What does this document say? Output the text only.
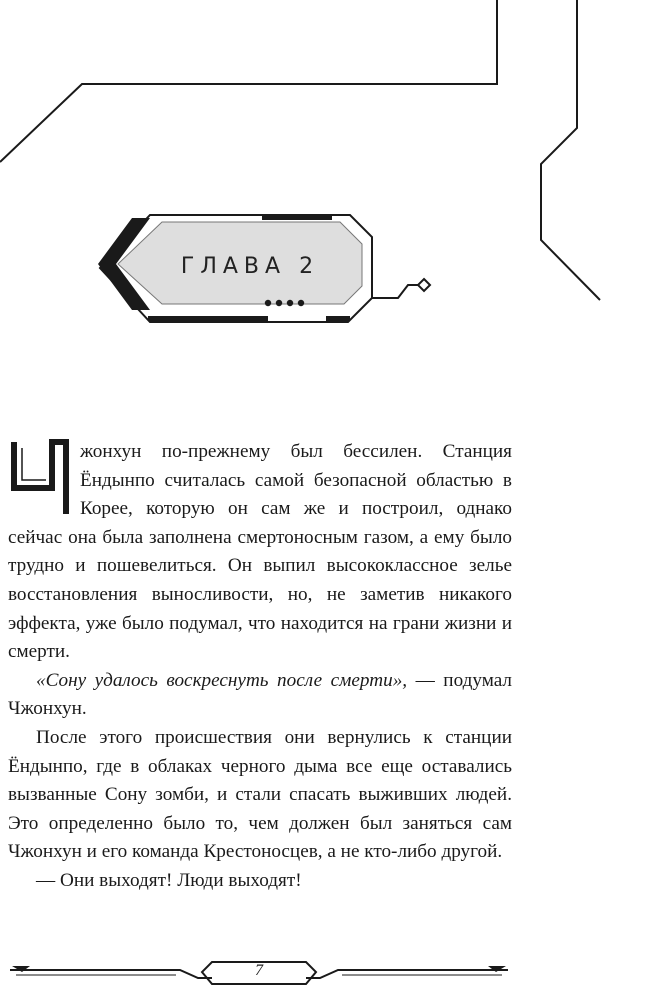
ГЛАВА 2

жонхун по-прежнему был бессилен. Станция Ёндынпо считалась самой безопасной областью в Корее, которую он сам же и построил, однако сейчас она была заполнена смертоносным газом, а ему было трудно и пошевелиться. Он выпил высококлассное зелье восстановления выносливости, но, не заметив никакого эффекта, уже было подумал, что находится на грани жизни и смерти.

«Сону удалось воскреснуть после смерти», — подумал Чжонхун.

После этого происшествия они вернулись к станции Ёндынпо, где в облаках черного дыма все еще оставались вызванные Сону зомби, и стали спасать выживших людей. Это определенно было то, чем должен был заняться сам Чжонхун и его команда Крестоносцев, а не кто-либо другой.

— Они выходят! Люди выходят!

7
